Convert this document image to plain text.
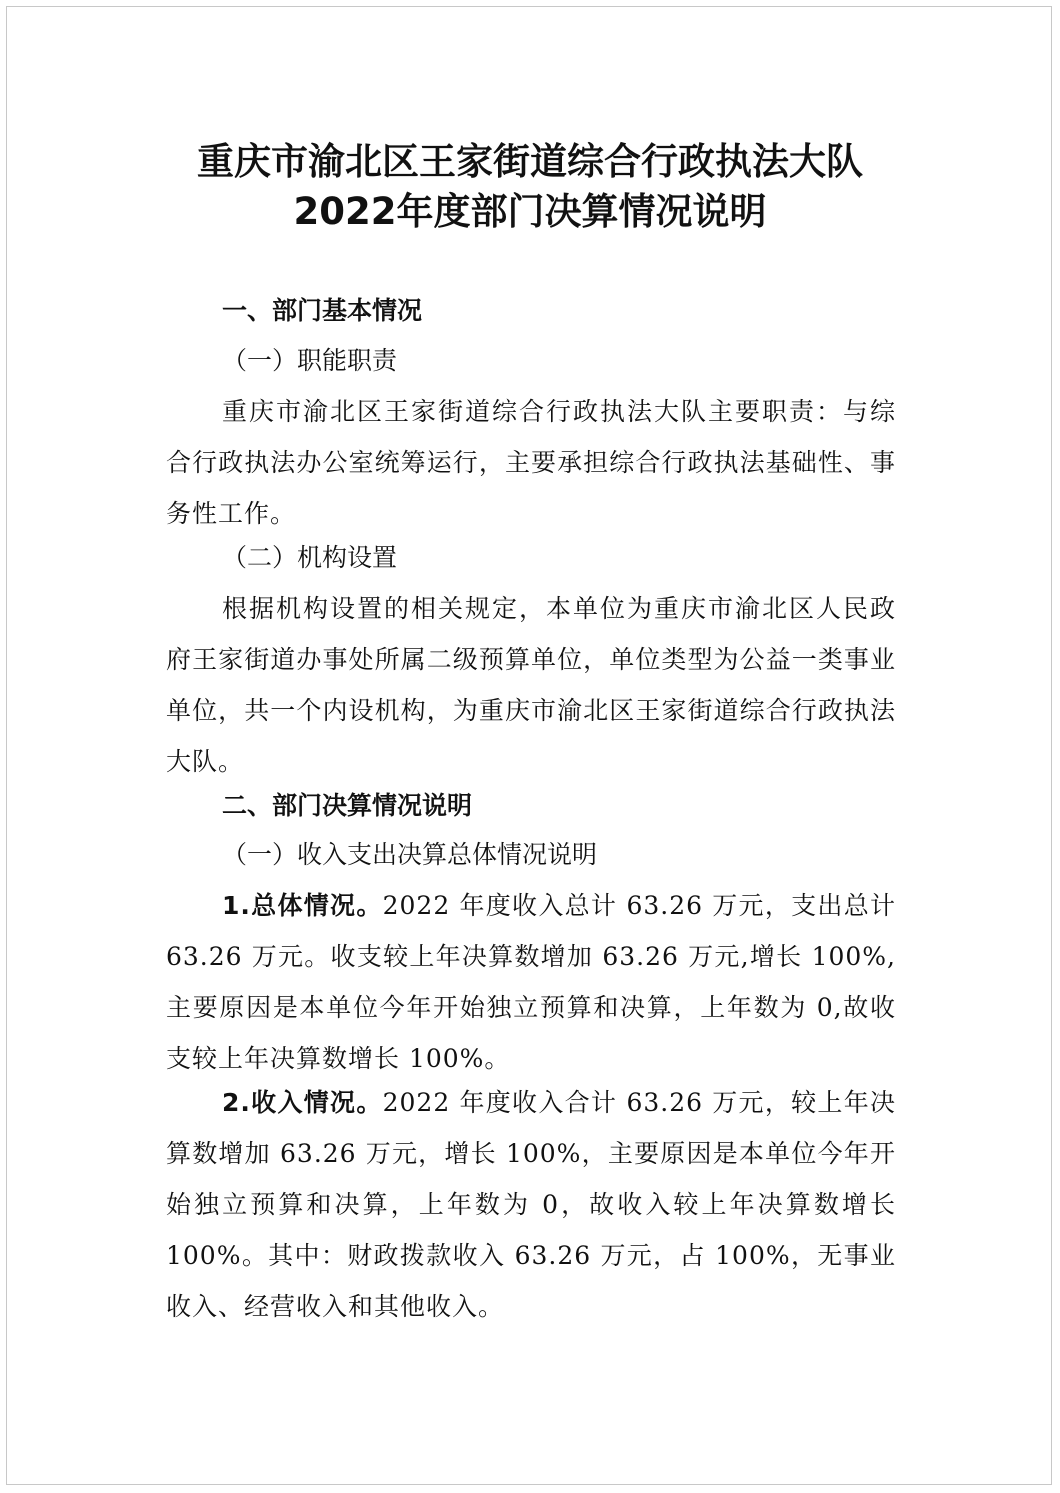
重庆市渝北区王家街道综合行政执法大队
2022年度部门决算情况说明
一、部门基本情况
（一）职能职责
重庆市渝北区王家街道综合行政执法大队主要职责：与综合行政执法办公室统筹运行，主要承担综合行政执法基础性、事务性工作。
（二）机构设置
根据机构设置的相关规定，本单位为重庆市渝北区人民政府王家街道办事处所属二级预算单位，单位类型为公益一类事业单位，共一个内设机构，为重庆市渝北区王家街道综合行政执法大队。
二、部门决算情况说明
（一）收入支出决算总体情况说明
1.总体情况。2022 年度收入总计 63.26 万元，支出总计 63.26 万元。收支较上年决算数增加 63.26 万元,增长 100%,主要原因是本单位今年开始独立预算和决算，上年数为 0,故收支较上年决算数增长 100%。
2.收入情况。2022 年度收入合计 63.26 万元，较上年决算数增加 63.26 万元，增长 100%，主要原因是本单位今年开始独立预算和决算，上年数为 0，故收入较上年决算数增长 100%。其中：财政拨款收入 63.26 万元，占 100%，无事业收入、经营收入和其他收入。
